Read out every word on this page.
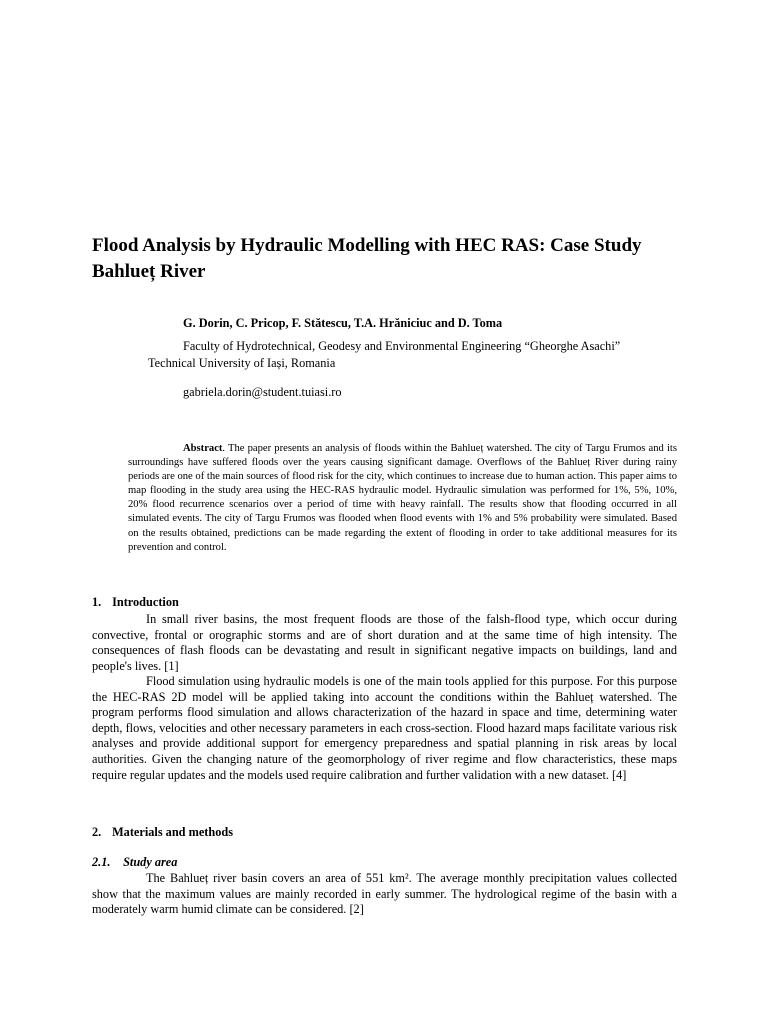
Flood Analysis by Hydraulic Modelling with HEC RAS: Case Study Bahlueț River

G. Dorin, C. Pricop, F. Stătescu, T.A. Hrăniciuc and D. Toma

Faculty of Hydrotechnical, Geodesy and Environmental Engineering “Gheorghe Asachi” Technical University of Iași, Romania

gabriela.dorin@student.tuiasi.ro

Abstract. The paper presents an analysis of floods within the Bahlueț watershed. The city of Targu Frumos and its surroundings have suffered floods over the years causing significant damage. Overflows of the Bahlueț River during rainy periods are one of the main sources of flood risk for the city, which continues to increase due to human action. This paper aims to map flooding in the study area using the HEC-RAS hydraulic model. Hydraulic simulation was performed for 1%, 5%, 10%, 20% flood recurrence scenarios over a period of time with heavy rainfall. The results show that flooding occurred in all simulated events. The city of Targu Frumos was flooded when flood events with 1% and 5% probability were simulated. Based on the results obtained, predictions can be made regarding the extent of flooding in order to take additional measures for its prevention and control.

1. Introduction

In small river basins, the most frequent floods are those of the falsh-flood type, which occur during convective, frontal or orographic storms and are of short duration and at the same time of high intensity. The consequences of flash floods can be devastating and result in significant negative impacts on buildings, land and people's lives. [1]

Flood simulation using hydraulic models is one of the main tools applied for this purpose. For this purpose the HEC-RAS 2D model will be applied taking into account the conditions within the Bahlueț watershed. The program performs flood simulation and allows characterization of the hazard in space and time, determining water depth, flows, velocities and other necessary parameters in each cross-section. Flood hazard maps facilitate various risk analyses and provide additional support for emergency preparedness and spatial planning in risk areas by local authorities. Given the changing nature of the geomorphology of river regime and flow characteristics, these maps require regular updates and the models used require calibration and further validation with a new dataset. [4]

2. Materials and methods
2.1. Study area

The Bahlueț river basin covers an area of 551 km². The average monthly precipitation values collected show that the maximum values are mainly recorded in early summer. The hydrological regime of the basin with a moderately warm humid climate can be considered. [2]
